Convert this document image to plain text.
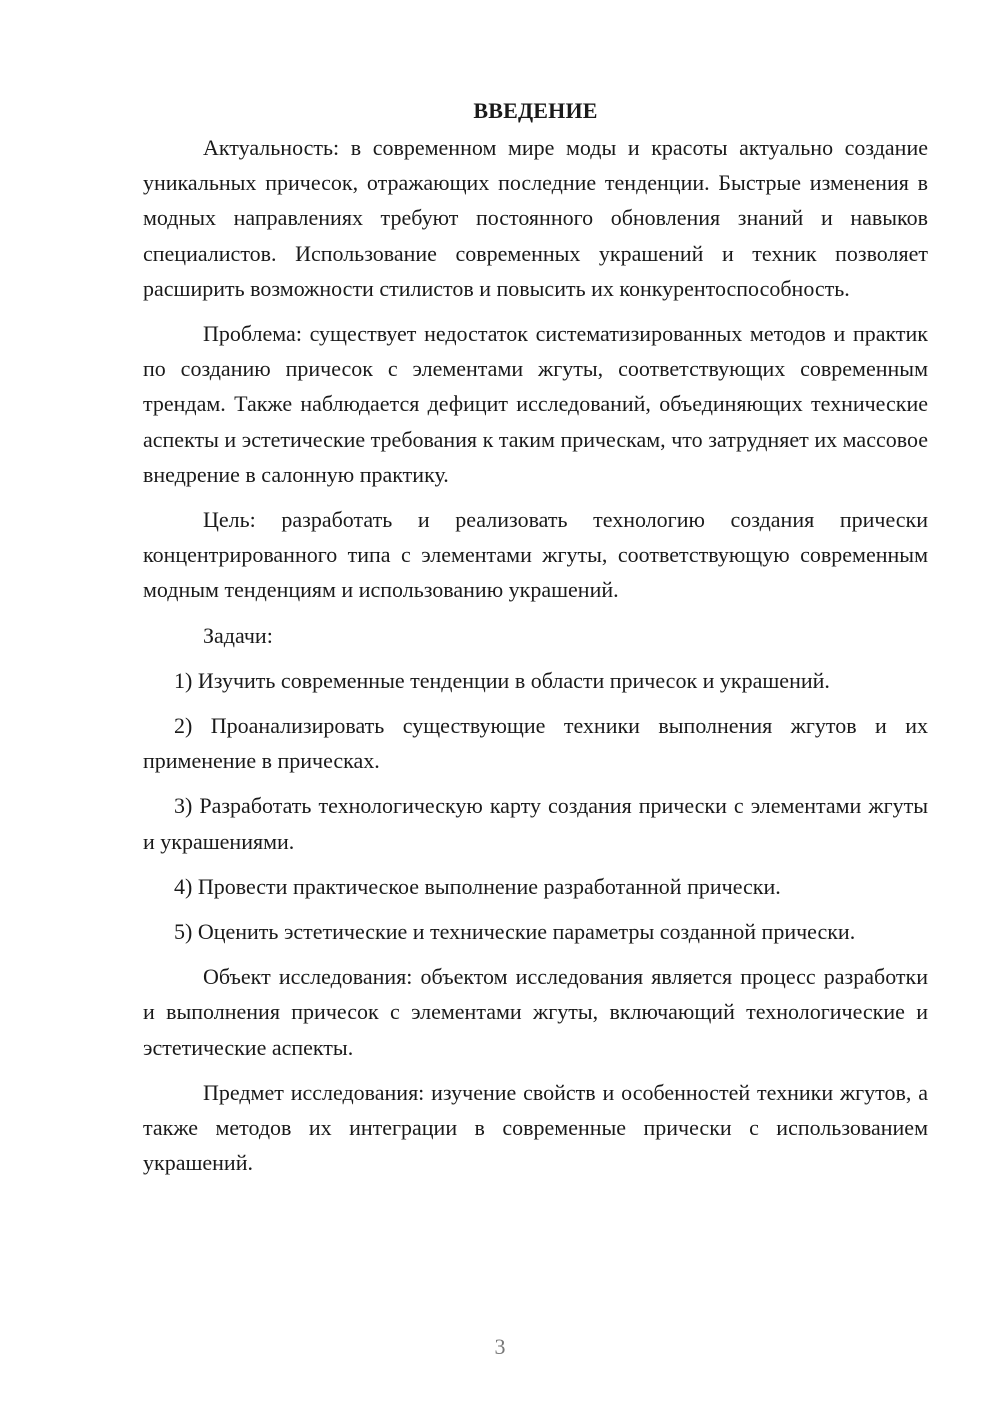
ВВЕДЕНИЕ

Актуальность: в современном мире моды и красоты актуально создание уникальных причесок, отражающих последние тенденции. Быстрые изменения в модных направлениях требуют постоянного обновления знаний и навыков специалистов. Использование современных украшений и техник позволяет расширить возможности стилистов и повысить их конкурентоспособность.

Проблема: существует недостаток систематизированных методов и практик по созданию причесок с элементами жгуты, соответствующих современным трендам. Также наблюдается дефицит исследований, объединяющих технические аспекты и эстетические требования к таким прическам, что затрудняет их массовое внедрение в салонную практику.

Цель: разработать и реализовать технологию создания прически концентрированного типа с элементами жгуты, соответствующую современным модным тенденциям и использованию украшений.

Задачи:

1) Изучить современные тенденции в области причесок и украшений.

2) Проанализировать существующие техники выполнения жгутов и их применение в прическах.

3) Разработать технологическую карту создания прически с элементами жгуты и украшениями.

4) Провести практическое выполнение разработанной прически.

5) Оценить эстетические и технические параметры созданной прически.

Объект исследования: объектом исследования является процесс разработки и выполнения причесок с элементами жгуты, включающий технологические и эстетические аспекты.

Предмет исследования: изучение свойств и особенностей техники жгутов, а также методов их интеграции в современные прически с использованием украшений.

3
